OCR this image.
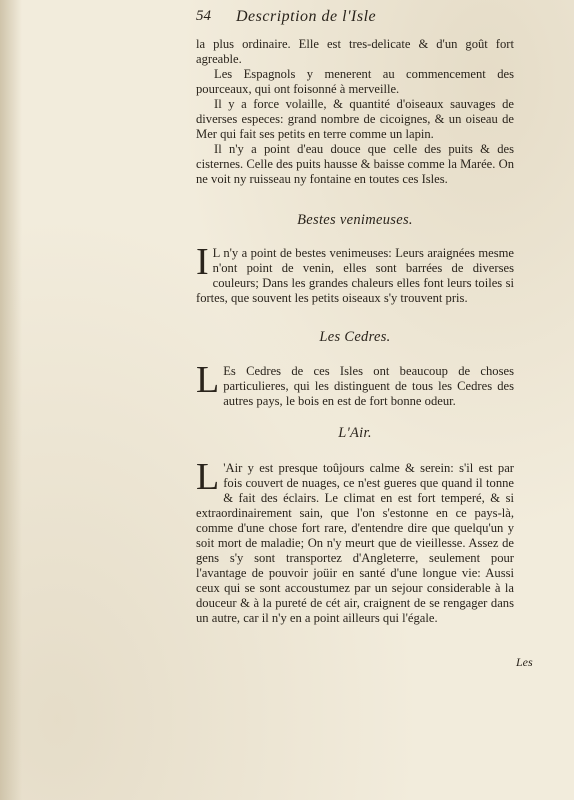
54 Description de l'Isle

la plus ordinaire. Elle est tres-delicate & d'un goût fort agreable.

Les Espagnols y menerent au commencement des pourceaux, qui ont foisonné à merveille.

Il y a force volaille, & quantité d'oiseaux sauvages de diverses especes: grand nombre de cicoignes, & un oiseau de Mer qui fait ses petits en terre comme un lapin.

Il n'y a point d'eau douce que celle des puits & des cisternes. Celle des puits hausse & baisse comme la Marée. On ne voit ny ruisseau ny fontaine en toutes ces Isles.

Bestes venimeuses.
I L n'y a point de bestes venimeuses: Leurs araignées mesme n'ont point de venin, elles sont barrées de diverses couleurs; Dans les grandes chaleurs elles font leurs toiles si fortes, que souvent les petits oiseaux s'y trouvent pris.
Les Cedres.
L Es Cedres de ces Isles ont beaucoup de choses particulieres, qui les distinguent de tous les Cedres des autres pays, le bois en est de fort bonne odeur.
L'Air.
L 'Air y est presque toûjours calme & serein: s'il est par fois couvert de nuages, ce n'est gueres que quand il tonne & fait des éclairs. Le climat en est fort temperé, & si extraordinairement sain, que l'on s'estonne en ce pays-là, comme d'une chose fort rare, d'entendre dire que quelqu'un y soit mort de maladie; On n'y meurt que de vieillesse. Assez de gens s'y sont transportez d'Angleterre, seulement pour l'avantage de pouvoir joüir en santé d'une longue vie: Aussi ceux qui se sont accoustumez par un sejour considerable à la douceur & à la pureté de cét air, craignent de se rengager dans un autre, car il n'y en a point ailleurs qui l'égale.
Les
